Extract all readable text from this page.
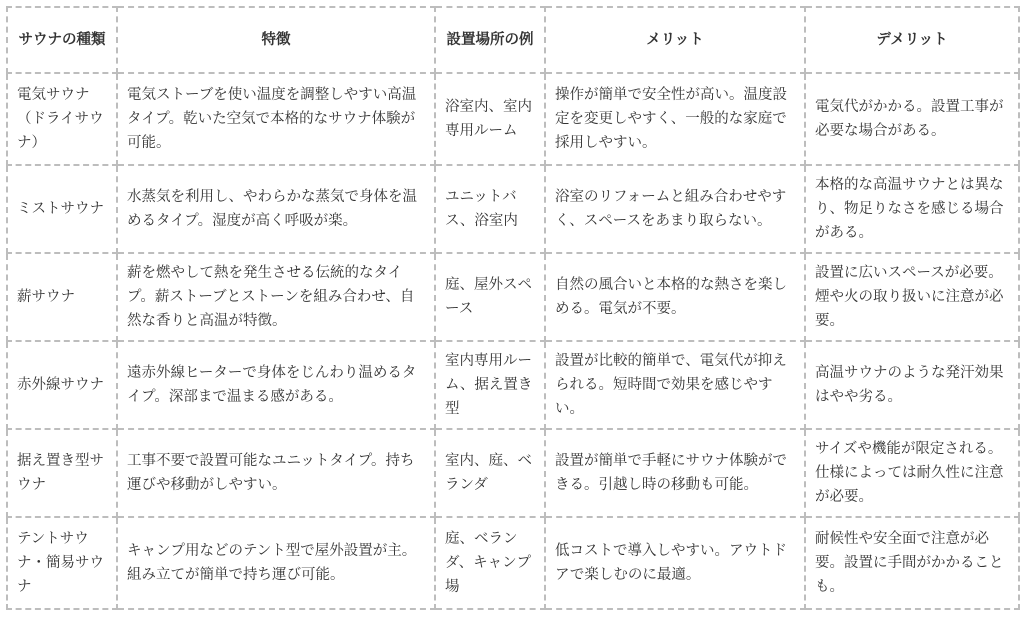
サウナの種類	特徴	設置場所の例	メリット	デメリット
電気サウナ（ドライサウナ）	電気ストーブを使い温度を調整しやすい高温タイプ。乾いた空気で本格的なサウナ体験が可能。	浴室内、室内専用ルーム	操作が簡単で安全性が高い。温度設定を変更しやすく、一般的な家庭で採用しやすい。	電気代がかかる。設置工事が必要な場合がある。
ミストサウナ	水蒸気を利用し、やわらかな蒸気で身体を温めるタイプ。湿度が高く呼吸が楽。	ユニットバス、浴室内	浴室のリフォームと組み合わせやすく、スペースをあまり取らない。	本格的な高温サウナとは異なり、物足りなさを感じる場合がある。
薪サウナ	薪を燃やして熱を発生させる伝統的なタイプ。薪ストーブとストーンを組み合わせ、自然な香りと高温が特徴。	庭、屋外スペース	自然の風合いと本格的な熱さを楽しめる。電気が不要。	設置に広いスペースが必要。煙や火の取り扱いに注意が必要。
赤外線サウナ	遠赤外線ヒーターで身体をじんわり温めるタイプ。深部まで温まる感がある。	室内専用ルーム、据え置き型	設置が比較的簡単で、電気代が抑えられる。短時間で効果を感じやすい。	高温サウナのような発汗効果はやや劣る。
据え置き型サウナ	工事不要で設置可能なユニットタイプ。持ち運びや移動がしやすい。	室内、庭、ベランダ	設置が簡単で手軽にサウナ体験ができる。引越し時の移動も可能。	サイズや機能が限定される。仕様によっては耐久性に注意が必要。
テントサウナ・簡易サウナ	キャンプ用などのテント型で屋外設置が主。組み立てが簡単で持ち運び可能。	庭、ベランダ、キャンプ場	低コストで導入しやすい。アウトドアで楽しむのに最適。	耐候性や安全面で注意が必要。設置に手間がかかることも。
